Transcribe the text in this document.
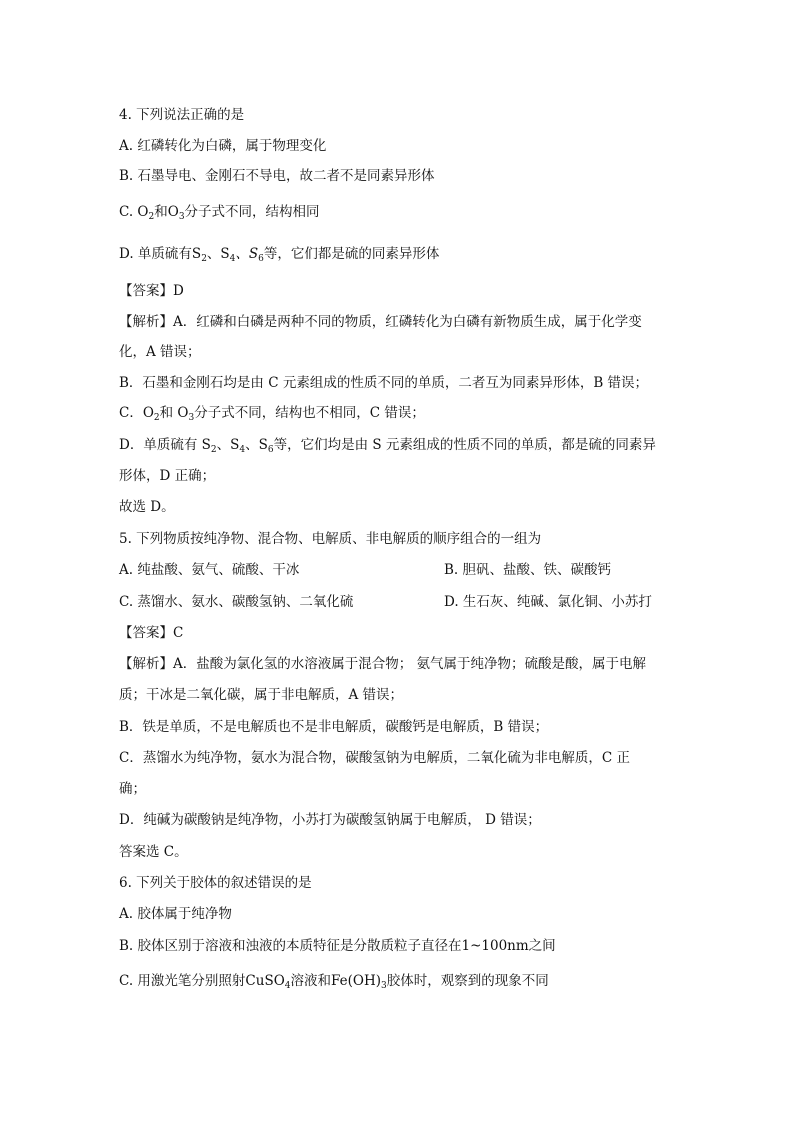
4. 下列说法正确的是
A. 红磷转化为白磷，属于物理变化
B. 石墨导电、金刚石不导电，故二者不是同素异形体
C. $O_2$和$O_3$分子式不同，结构相同
D. 单质硫有$S_2$、$S_4$、$S_6$等，它们都是硫的同素异形体
【答案】D
【解析】A．红磷和白磷是两种不同的物质，红磷转化为白磷有新物质生成，属于化学变
化，A 错误；
B．石墨和金刚石均是由 C 元素组成的性质不同的单质，二者互为同素异形体，B 错误；
C．$O_2$和 $O_3$分子式不同，结构也不相同，C 错误；
D．单质硫有 $S_2$、$S_4$、$S_6$等，它们均是由 S 元素组成的性质不同的单质，都是硫的同素异
形体，D 正确；
故选 D。
5. 下列物质按纯净物、混合物、电解质、非电解质的顺序组合的一组为
A. 纯盐酸、氨气、硫酸、干冰	B. 胆矾、盐酸、铁、碳酸钙
C. 蒸馏水、氨水、碳酸氢钠、二氧化硫	D. 生石灰、纯碱、氯化铜、小苏打
【答案】C
【解析】A．盐酸为氯化氢的水溶液属于混合物； 氨气属于纯净物；硫酸是酸，属于电解
质；干冰是二氧化碳，属于非电解质，A 错误；
B．铁是单质，不是电解质也不是非电解质，碳酸钙是电解质，B 错误；
C．蒸馏水为纯净物，氨水为混合物，碳酸氢钠为电解质，二氧化硫为非电解质，C 正
确；
D．纯碱为碳酸钠是纯净物，小苏打为碳酸氢钠属于电解质， D 错误；
答案选 C。
6. 下列关于胶体的叙述错误的是
A. 胶体属于纯净物
B. 胶体区别于溶液和浊液的本质特征是分散质粒子直径在1~100nm之间
C. 用激光笔分别照射CuSO$_4$溶液和$Fe(OH)_3$胶体时，观察到的现象不同
